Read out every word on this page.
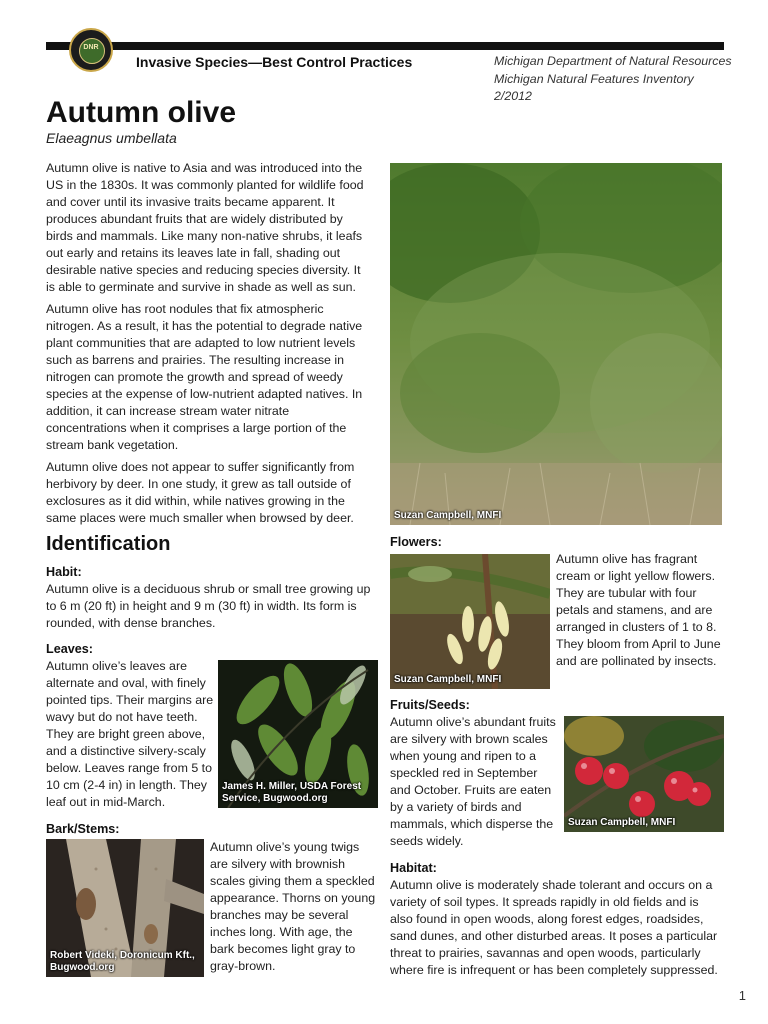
DNR
Invasive Species—Best Control Practices	Michigan Department of Natural Resources
Michigan Natural Features Inventory
2/2012
Autumn olive
Elaeagnus umbellata

Autumn olive is native to Asia and was introduced into the US in the 1830s. It was commonly planted for wildlife food and cover until its invasive traits became apparent. It produces abundant fruits that are widely distributed by birds and mammals. Like many non-native shrubs, it leafs out early and retains its leaves late in fall, shading out desirable native species and reducing species diversity. It is able to germinate and survive in shade as well as sun.

Autumn olive has root nodules that fix atmospheric nitrogen. As a result, it has the potential to degrade native plant communities that are adapted to low nutrient levels such as barrens and prairies. The resulting increase in nitrogen can promote the growth and spread of weedy species at the expense of low-nutrient adapted natives. In addition, it can increase stream water nitrate concentrations when it comprises a large portion of the stream bank vegetation.

Autumn olive does not appear to suffer significantly from herbivory by deer. In one study, it grew as tall outside of exclosures as it did within, while natives growing in the same places were much smaller when browsed by deer.	Suzan Campbell, MNFI
Identification
Habit:

Autumn olive is a deciduous shrub or small tree growing up to 6 m (20 ft) in height and 9 m (30 ft) in width. Its form is rounded, with dense branches.

Leaves:

Autumn olive’s leaves are alternate and oval, with finely pointed tips. Their margins are wavy but do not have teeth. They are bright green above, and a distinctive silvery-scaly below. Leaves range from 5 to 10 cm (2-4 in) in length. They leaf out in mid-March.

James H. Miller, USDA Forest
Service, Bugwood.org
Bark/Stems:
Robert Videki, Doronicum Kft.,
Bugwood.org

Autumn olive’s young twigs are silvery with brownish scales giving them a speckled appearance. Thorns on young branches may be several inches long. With age, the bark becomes light gray to gray-brown.

Flowers:
Suzan Campbell, MNFI

Autumn olive has fragrant cream or light yellow flowers. They are tubular with four petals and stamens, and are arranged in clusters of 1 to 8. They bloom from April to June and are pollinated by insects.

Fruits/Seeds:

Autumn olive’s abundant fruits are silvery with brown scales when young and ripen to a speckled red in September and October. Fruits are eaten by a variety of birds and mammals, which disperse the seeds widely.

Suzan Campbell, MNFI
Habitat:

Autumn olive is moderately shade tolerant and occurs on a variety of soil types. It spreads rapidly in old fields and is also found in open woods, along forest edges, roadsides, sand dunes, and other disturbed areas. It poses a particular threat to prairies, savannas and open woods, particularly where fire is infrequent or has been completely suppressed.

1
